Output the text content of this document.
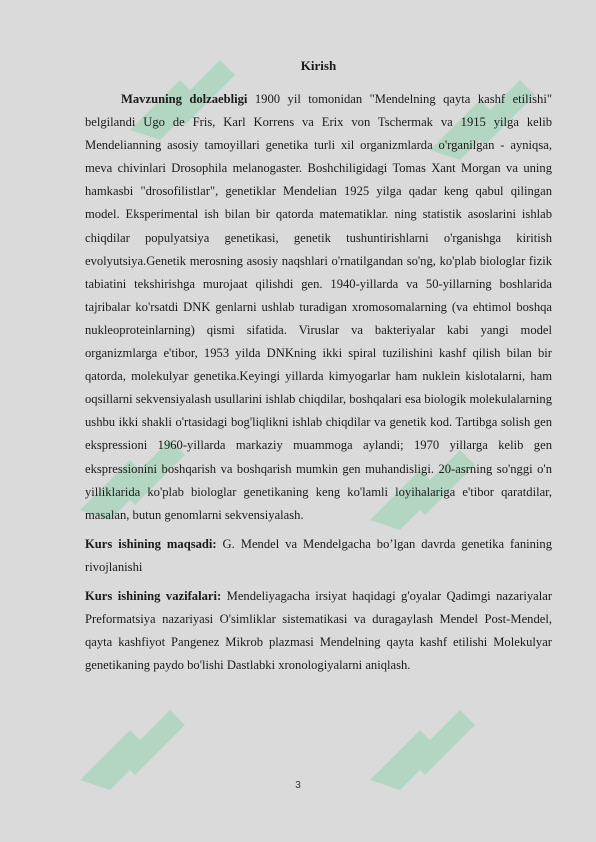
Kirish

Mavzuning dolzaebligi 1900 yil tomonidan "Mendelning qayta kashf etilishi" belgilandi Ugo de Fris, Karl Korrens va Erix von Tschermak va 1915 yilga kelib Mendelianning asosiy tamoyillari genetika turli xil organizmlarda o'rganilgan - ayniqsa, meva chivinlari Drosophila melanogaster. Boshchiligidagi Tomas Xant Morgan va uning hamkasbi "drosofilistlar", genetiklar Mendelian 1925 yilga qadar keng qabul qilingan model. Eksperimental ish bilan bir qatorda matematiklar. ning statistik asoslarini ishlab chiqdilar populyatsiya genetikasi, genetik tushuntirishlarni o'rganishga kiritish evolyutsiya.Genetik merosning asosiy naqshlari o'rnatilgandan so'ng, ko'plab biologlar fizik tabiatini tekshirishga murojaat qilishdi gen. 1940-yillarda va 50-yillarning boshlarida tajribalar ko'rsatdi DNK genlarni ushlab turadigan xromosomalarning (va ehtimol boshqa nukleoproteinlarning) qismi sifatida. Viruslar va bakteriyalar kabi yangi model organizmlarga e'tibor, 1953 yilda DNKning ikki spiral tuzilishini kashf qilish bilan bir qatorda, molekulyar genetika.Keyingi yillarda kimyogarlar ham nuklein kislotalarni, ham oqsillarni sekvensiyalash usullarini ishlab chiqdilar, boshqalari esa biologik molekulalarning ushbu ikki shakli o'rtasidagi bog'liqlikni ishlab chiqdilar va genetik kod. Tartibga solish gen ekspressioni 1960-yillarda markaziy muammoga aylandi; 1970 yillarga kelib gen ekspressionini boshqarish va boshqarish mumkin gen muhandisligi. 20-asrning so'nggi o'n yilliklarida ko'plab biologlar genetikaning keng ko'lamli loyihalariga e'tibor qaratdilar, masalan, butun genomlarni sekvensiyalash.

Kurs ishining maqsadi: G. Mendel va Mendelgacha bo’lgan davrda genetika fanining rivojlanishi

Kurs ishining vazifalari: Mendeliyagacha irsiyat haqidagi g'oyalar Qadimgi nazariyalar Preformatsiya nazariyasi O'simliklar sistematikasi va duragaylash Mendel Post-Mendel, qayta kashfiyot Pangenez Mikrob plazmasi Mendelning qayta kashf etilishi Molekulyar genetikaning paydo bo'lishi Dastlabki xronologiyalarni aniqlash.

3
